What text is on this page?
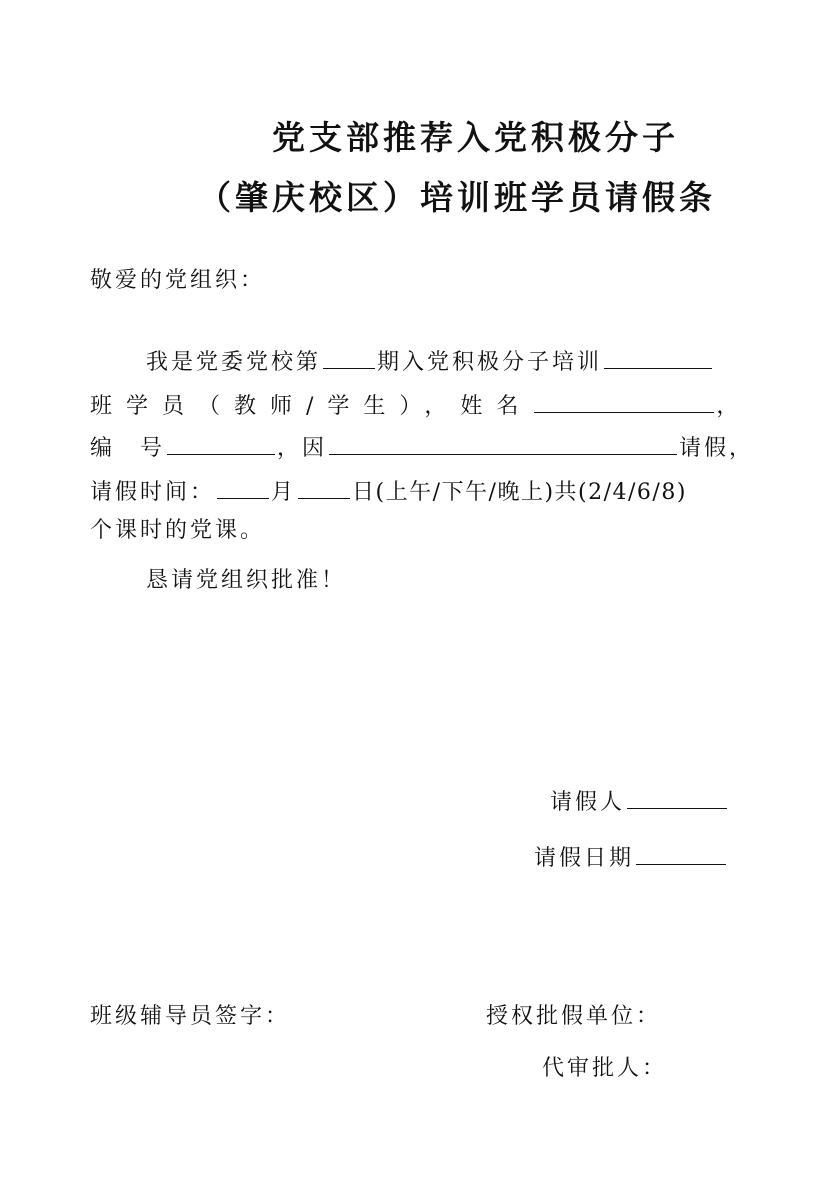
党支部推荐入党积极分子
（肇庆校区）培训班学员请假条
敬爱的党组织：
我是党委党校第	期入党积极分子培训
班学员（教师/学生），姓名	，
编　号	，因	请假，
请假时间：	月	日(上午/下午/晚上)共(2/4/6/8)
个课时的党课。
恳请党组织批准！
请假人
请假日期
班级辅导员签字：	授权批假单位：
代审批人：
